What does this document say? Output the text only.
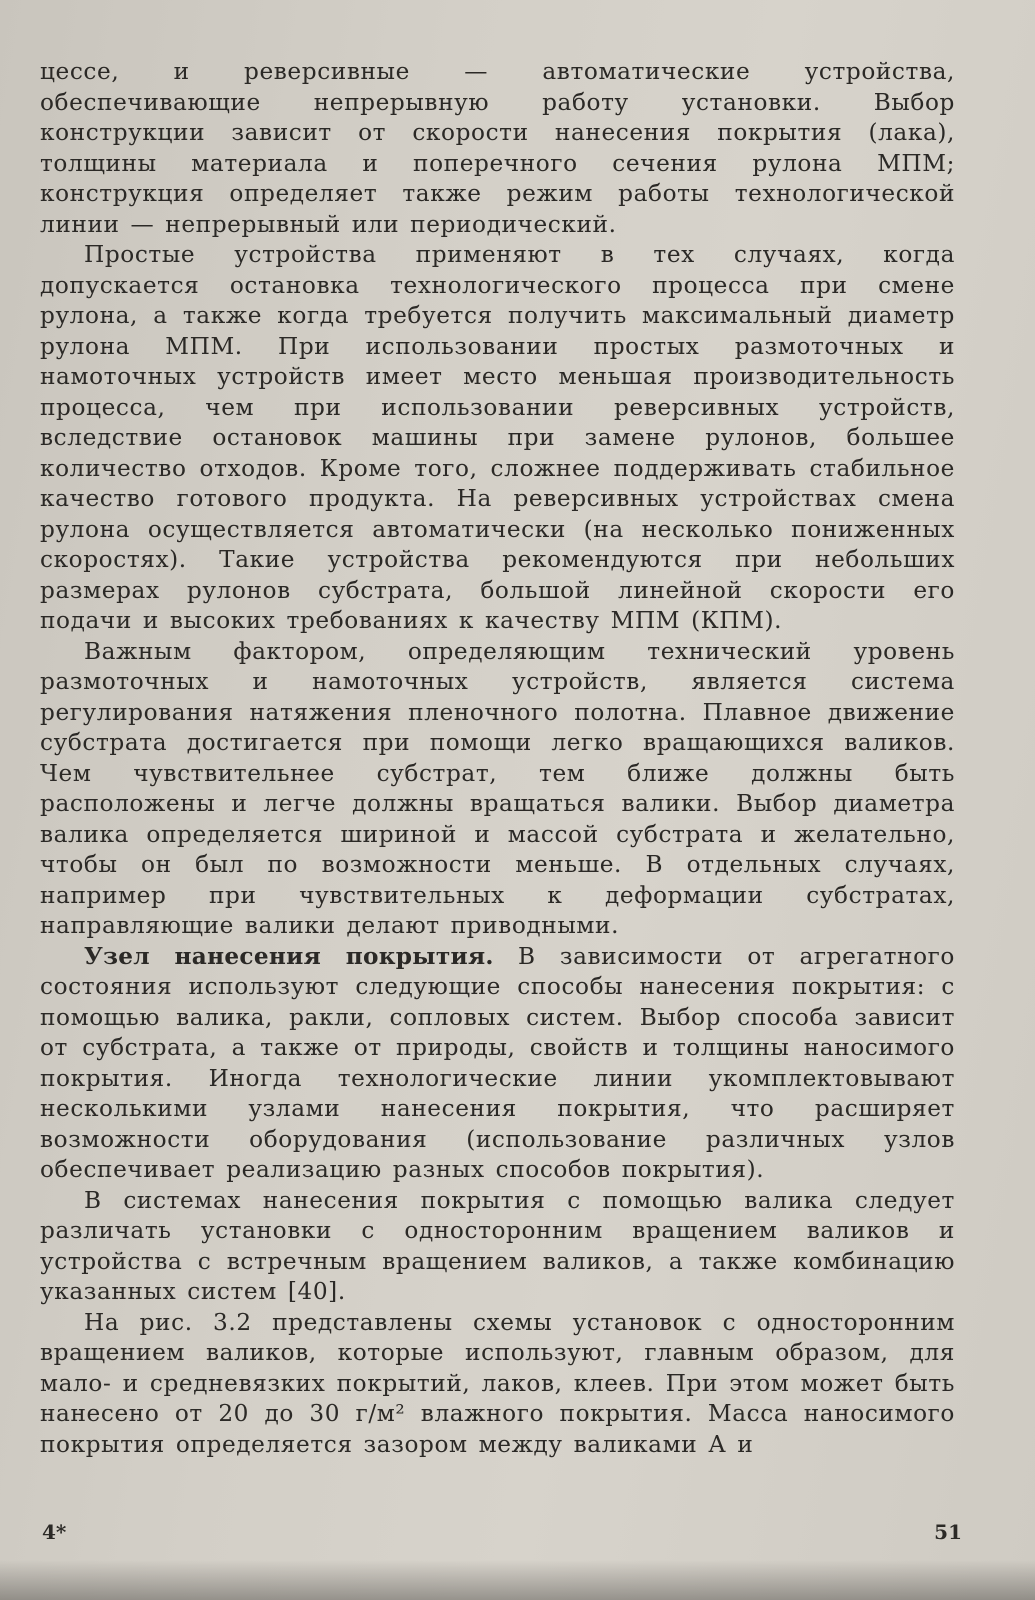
цессе, и реверсивные — автоматические устройства, обеспечивающие непрерывную работу установки. Выбор конструкции зависит от скорости нанесения покрытия (лака), толщины материала и поперечного сечения рулона МПМ; конструкция определяет также режим работы технологической линии — непрерывный или периодический.

Простые устройства применяют в тех случаях, когда допускается остановка технологического процесса при смене рулона, а также когда требуется получить максимальный диаметр рулона МПМ. При использовании простых размоточных и намоточных устройств имеет место меньшая производительность процесса, чем при использовании реверсивных устройств, вследствие остановок машины при замене рулонов, большее количество отходов. Кроме того, сложнее поддерживать стабильное качество готового продукта. На реверсивных устройствах смена рулона осуществляется автоматически (на несколько пониженных скоростях). Такие устройства рекомендуются при небольших размерах рулонов субстрата, большой линейной скорости его подачи и высоких требованиях к качеству МПМ (КПМ).

Важным фактором, определяющим технический уровень размоточных и намоточных устройств, является система регулирования натяжения пленочного полотна. Плавное движение субстрата достигается при помощи легко вращающихся валиков. Чем чувствительнее субстрат, тем ближе должны быть расположены и легче должны вращаться валики. Выбор диаметра валика определяется шириной и массой субстрата и желательно, чтобы он был по возможности меньше. В отдельных случаях, например при чувствительных к деформации субстратах, направляющие валики делают приводными.

Узел нанесения покрытия. В зависимости от агрегатного состояния используют следующие способы нанесения покрытия: с помощью валика, ракли, сопловых систем. Выбор способа зависит от субстрата, а также от природы, свойств и толщины наносимого покрытия. Иногда технологические линии укомплектовывают несколькими узлами нанесения покрытия, что расширяет возможности оборудования (использование различных узлов обеспечивает реализацию разных способов покрытия).

В системах нанесения покрытия с помощью валика следует различать установки с односторонним вращением валиков и устройства с встречным вращением валиков, а также комбинацию указанных систем [40].

На рис. 3.2 представлены схемы установок с односторонним вращением валиков, которые используют, главным образом, для мало- и средневязких покрытий, лаков, клеев. При этом может быть нанесено от 20 до 30 г/м² влажного покрытия. Масса наносимого покрытия определяется зазором между валиками А и

4*	51
